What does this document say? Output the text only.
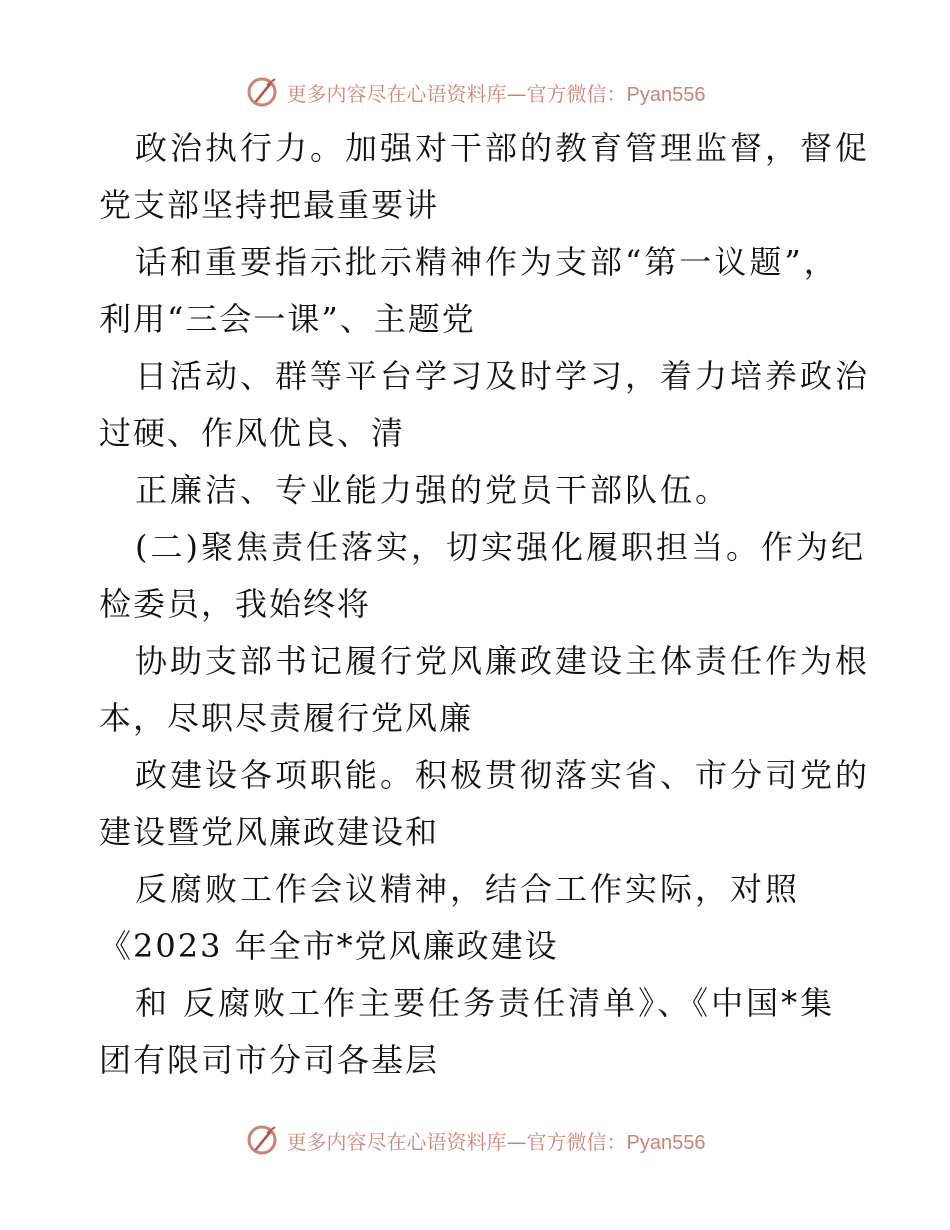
更多内容尽在心语资料库—官方微信：Pyan556
政治执行力。加强对干部的教育管理监督，督促
党支部坚持把最重要讲
话和重要指示批示精神作为支部“第一议题”，
利用“三会一课”、主题党
日活动、群等平台学习及时学习，着力培养政治
过硬、作风优良、清
正廉洁、专业能力强的党员干部队伍。
(二)聚焦责任落实，切实强化履职担当。作为纪
检委员，我始终将
协助支部书记履行党风廉政建设主体责任作为根
本，尽职尽责履行党风廉
政建设各项职能。积极贯彻落实省、市分司党的
建设暨党风廉政建设和
反腐败工作会议精神，结合工作实际，对照
《2023 年全市*党风廉政建设
和 反腐败工作主要任务责任清单》、《中国*集
团有限司市分司各基层
更多内容尽在心语资料库—官方微信：Pyan556
